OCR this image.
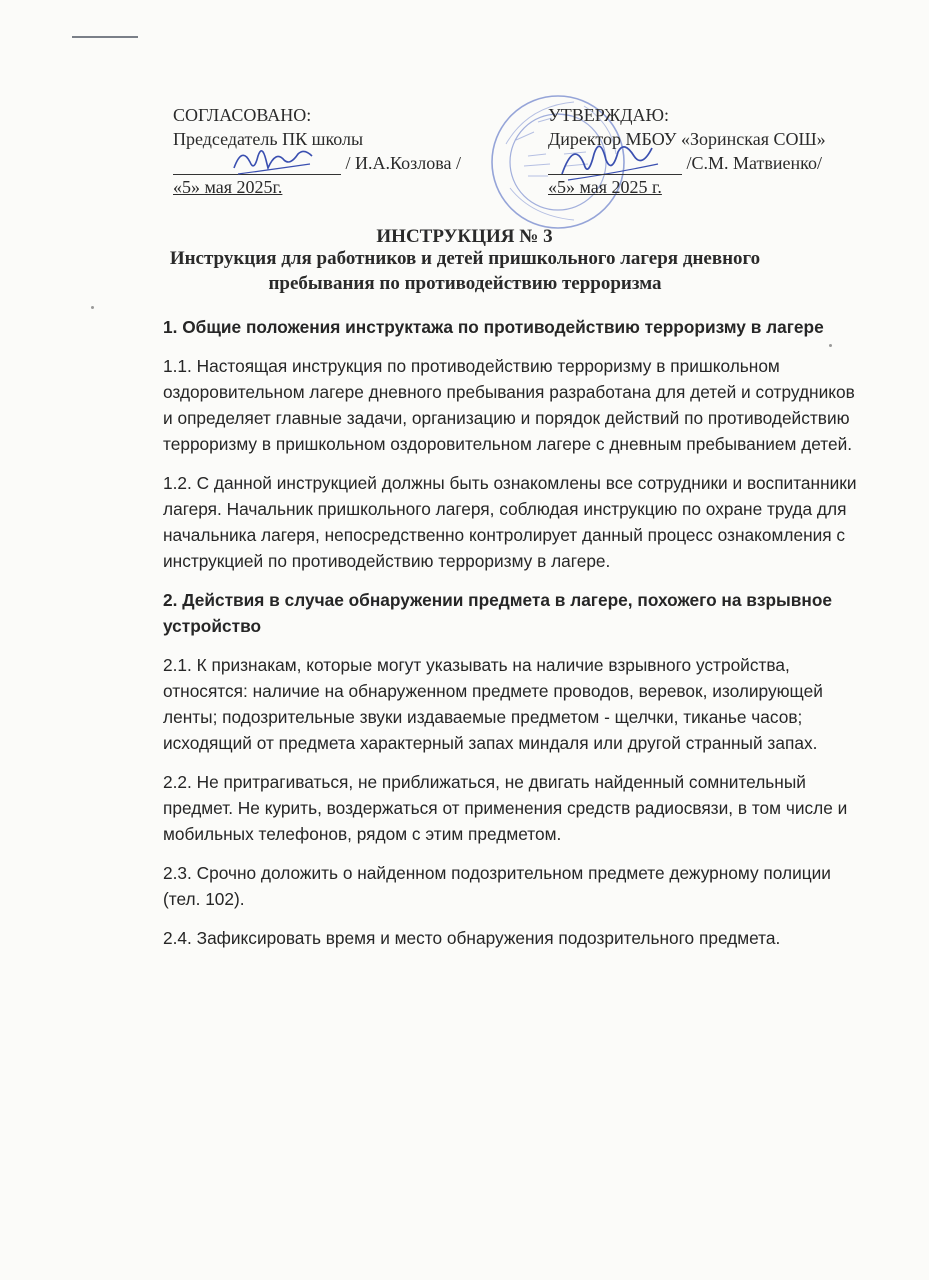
СОГЛАСОВАНО:
Председатель ПК школы
/ И.А.Козлова /
«5» мая 2025г.
УТВЕРЖДАЮ:
Директор МБОУ «Зоринская СОШ»
/С.М. Матвиенко/
«5» мая 2025 г.
ИНСТРУКЦИЯ № 3
Инструкция для работников и детей пришкольного лагеря дневного пребывания по противодействию терроризма

1. Общие положения инструктажа по противодействию терроризму в лагере

1.1. Настоящая инструкция по противодействию терроризму в пришкольном оздоровительном лагере дневного пребывания разработана для детей и сотрудников и определяет главные задачи, организацию и порядок действий по противодействию терроризму в пришкольном оздоровительном лагере с дневным пребыванием детей.

1.2. С данной инструкцией должны быть ознакомлены все сотрудники и воспитанники лагеря. Начальник пришкольного лагеря, соблюдая инструкцию по охране труда для начальника лагеря, непосредственно контролирует данный процесс ознакомления с инструкцией по противодействию терроризму в лагере.

2. Действия в случае обнаружении предмета в лагере, похожего на взрывное устройство

2.1. К признакам, которые могут указывать на наличие взрывного устройства, относятся: наличие на обнаруженном предмете проводов, веревок, изолирующей ленты; подозрительные звуки издаваемые предметом - щелчки, тиканье часов; исходящий от предмета характерный запах миндаля или другой странный запах.

2.2. Не притрагиваться, не приближаться, не двигать найденный сомнительный предмет. Не курить, воздержаться от применения средств радиосвязи, в том числе и мобильных телефонов, рядом с этим предметом.

2.3. Срочно доложить о найденном подозрительном предмете дежурному полиции (тел. 102).

2.4. Зафиксировать время и место обнаружения подозрительного предмета.
